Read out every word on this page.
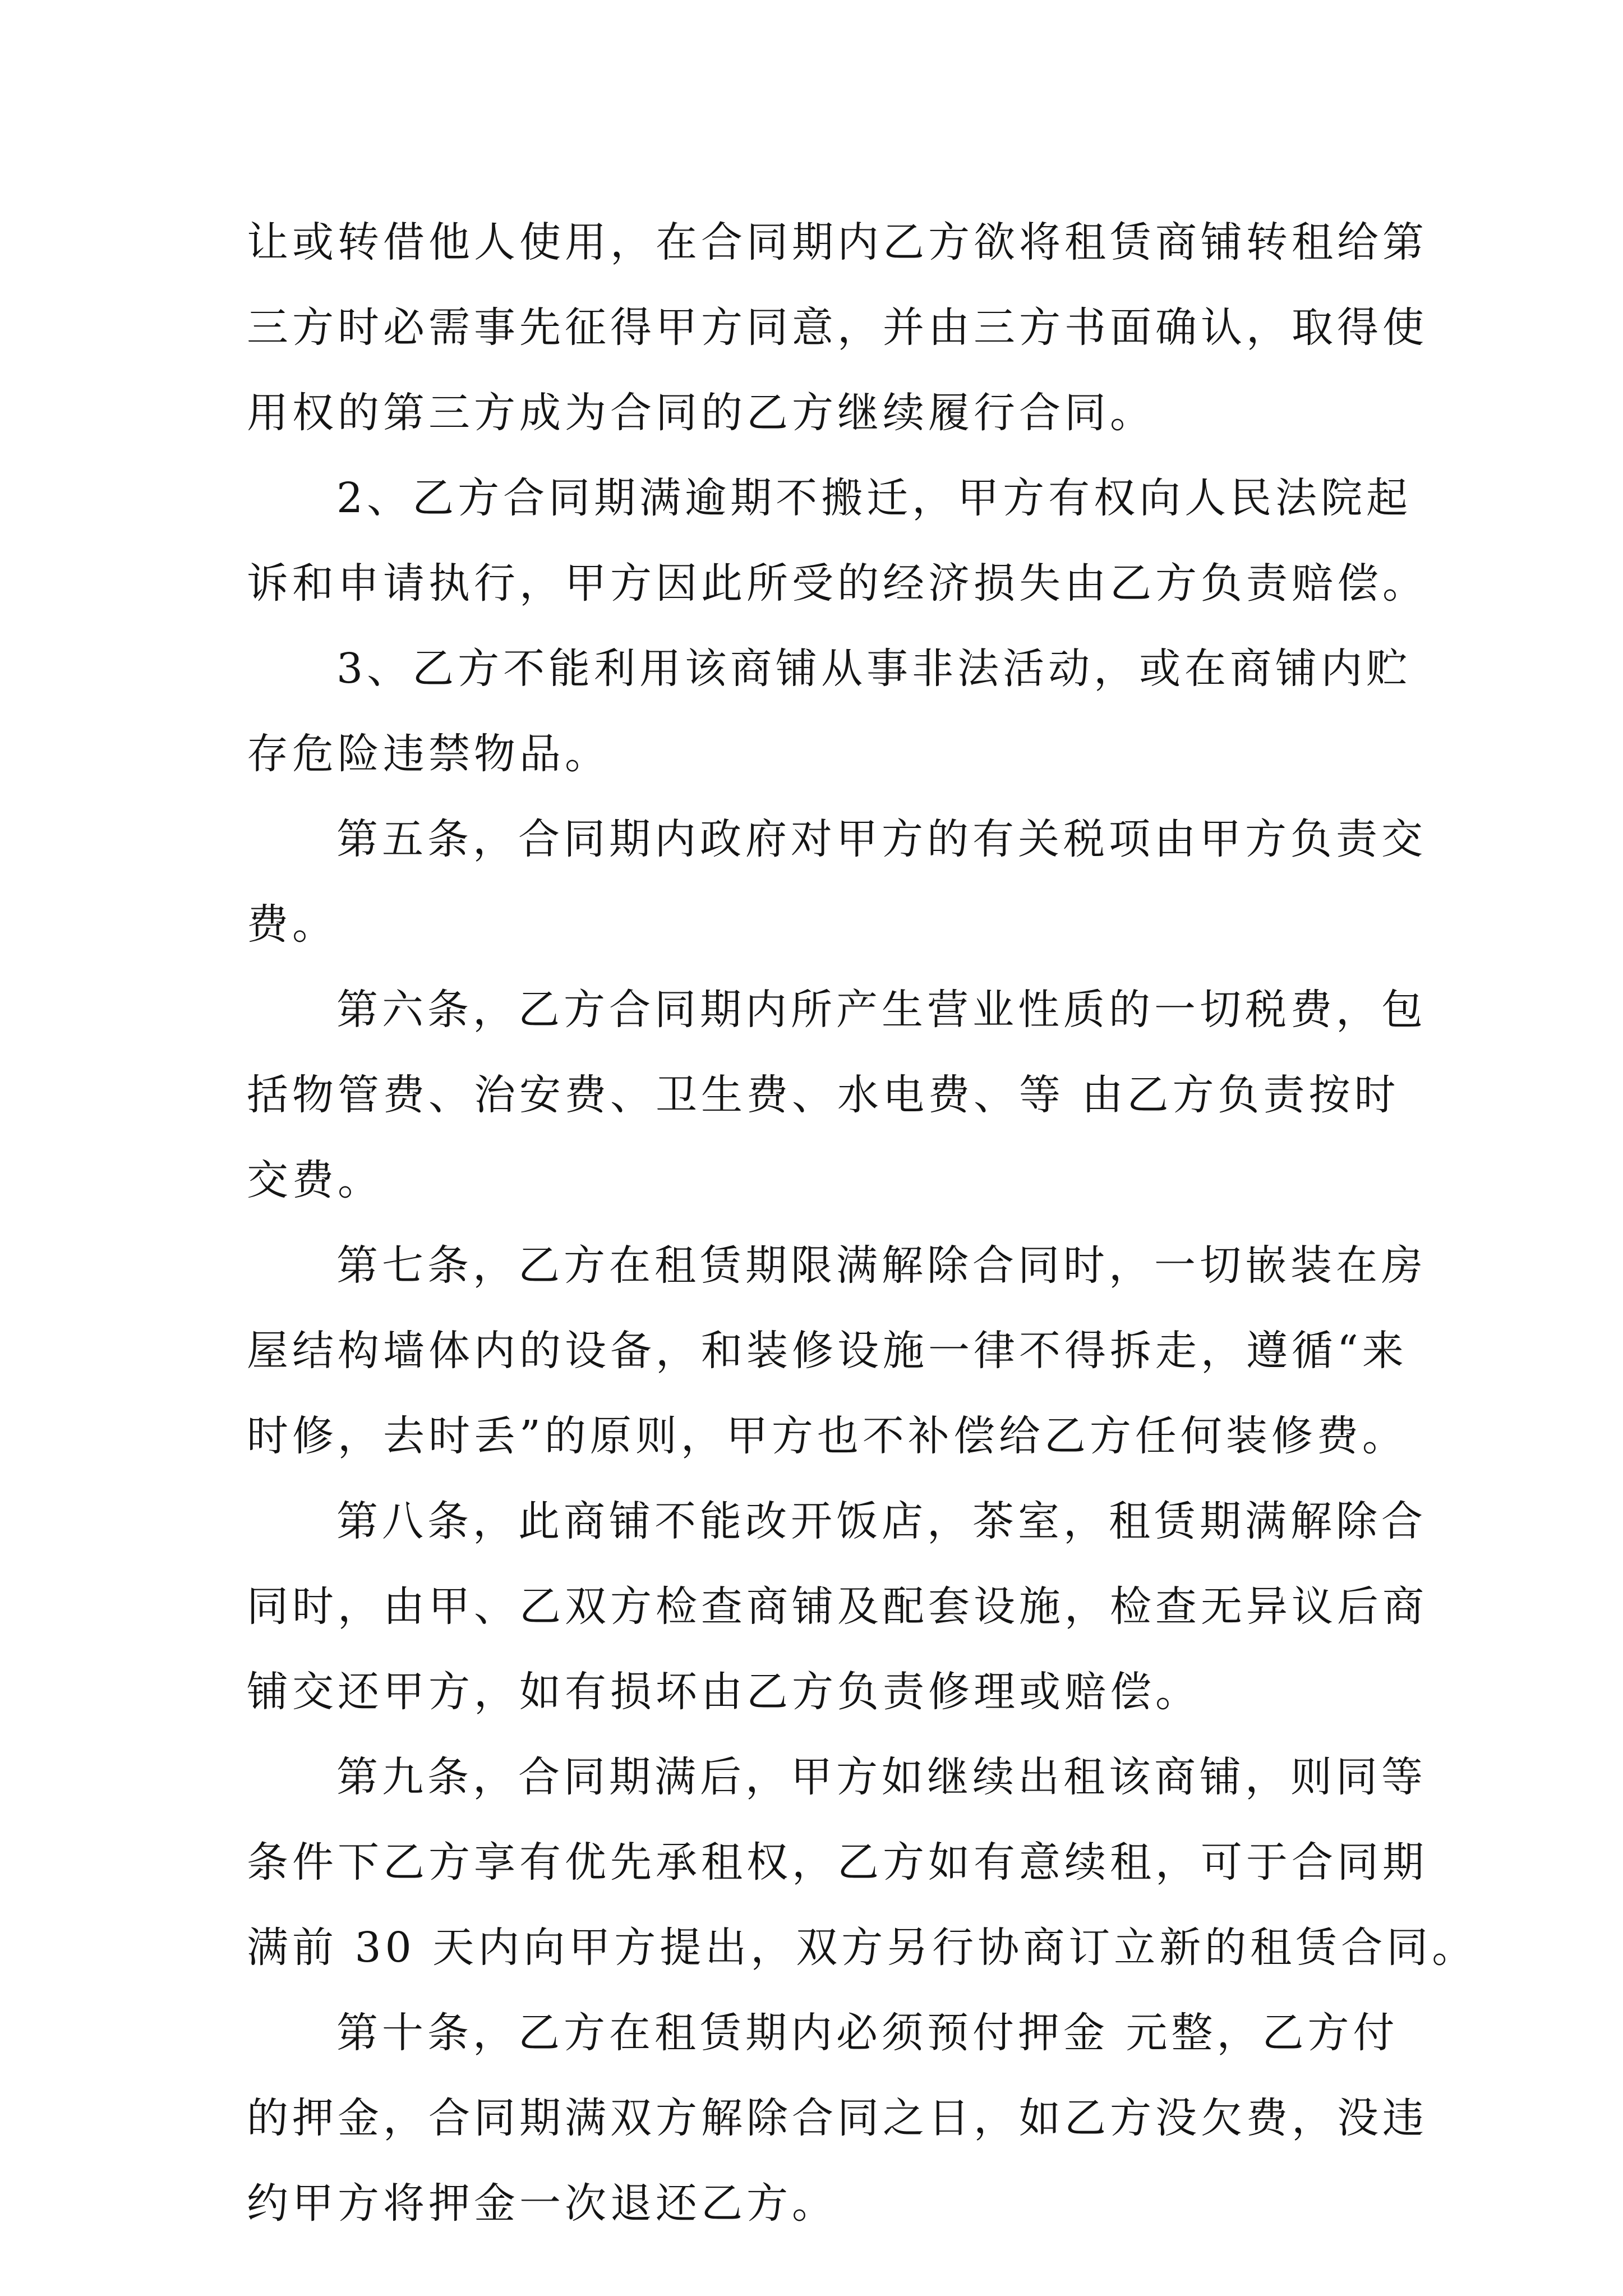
让或转借他人使用，在合同期内乙方欲将租赁商铺转租给第
三方时必需事先征得甲方同意，并由三方书面确认，取得使
用权的第三方成为合同的乙方继续履行合同。
2、乙方合同期满逾期不搬迁，甲方有权向人民法院起
诉和申请执行，甲方因此所受的经济损失由乙方负责赔偿。
3、乙方不能利用该商铺从事非法活动，或在商铺内贮
存危险违禁物品。
第五条，合同期内政府对甲方的有关税项由甲方负责交
费。
第六条，乙方合同期内所产生营业性质的一切税费，包
括物管费、治安费、卫生费、水电费、等 由乙方负责按时
交费。
第七条，乙方在租赁期限满解除合同时，一切嵌装在房
屋结构墙体内的设备，和装修设施一律不得拆走，遵循“来
时修，去时丢”的原则，甲方也不补偿给乙方任何装修费。
第八条，此商铺不能改开饭店，茶室，租赁期满解除合
同时，由甲、乙双方检查商铺及配套设施，检查无异议后商
铺交还甲方，如有损坏由乙方负责修理或赔偿。
第九条，合同期满后，甲方如继续出租该商铺，则同等
条件下乙方享有优先承租权，乙方如有意续租，可于合同期
满前 30 天内向甲方提出，双方另行协商订立新的租赁合同。
第十条，乙方在租赁期内必须预付押金 元整，乙方付
的押金，合同期满双方解除合同之日，如乙方没欠费，没违
约甲方将押金一次退还乙方。
